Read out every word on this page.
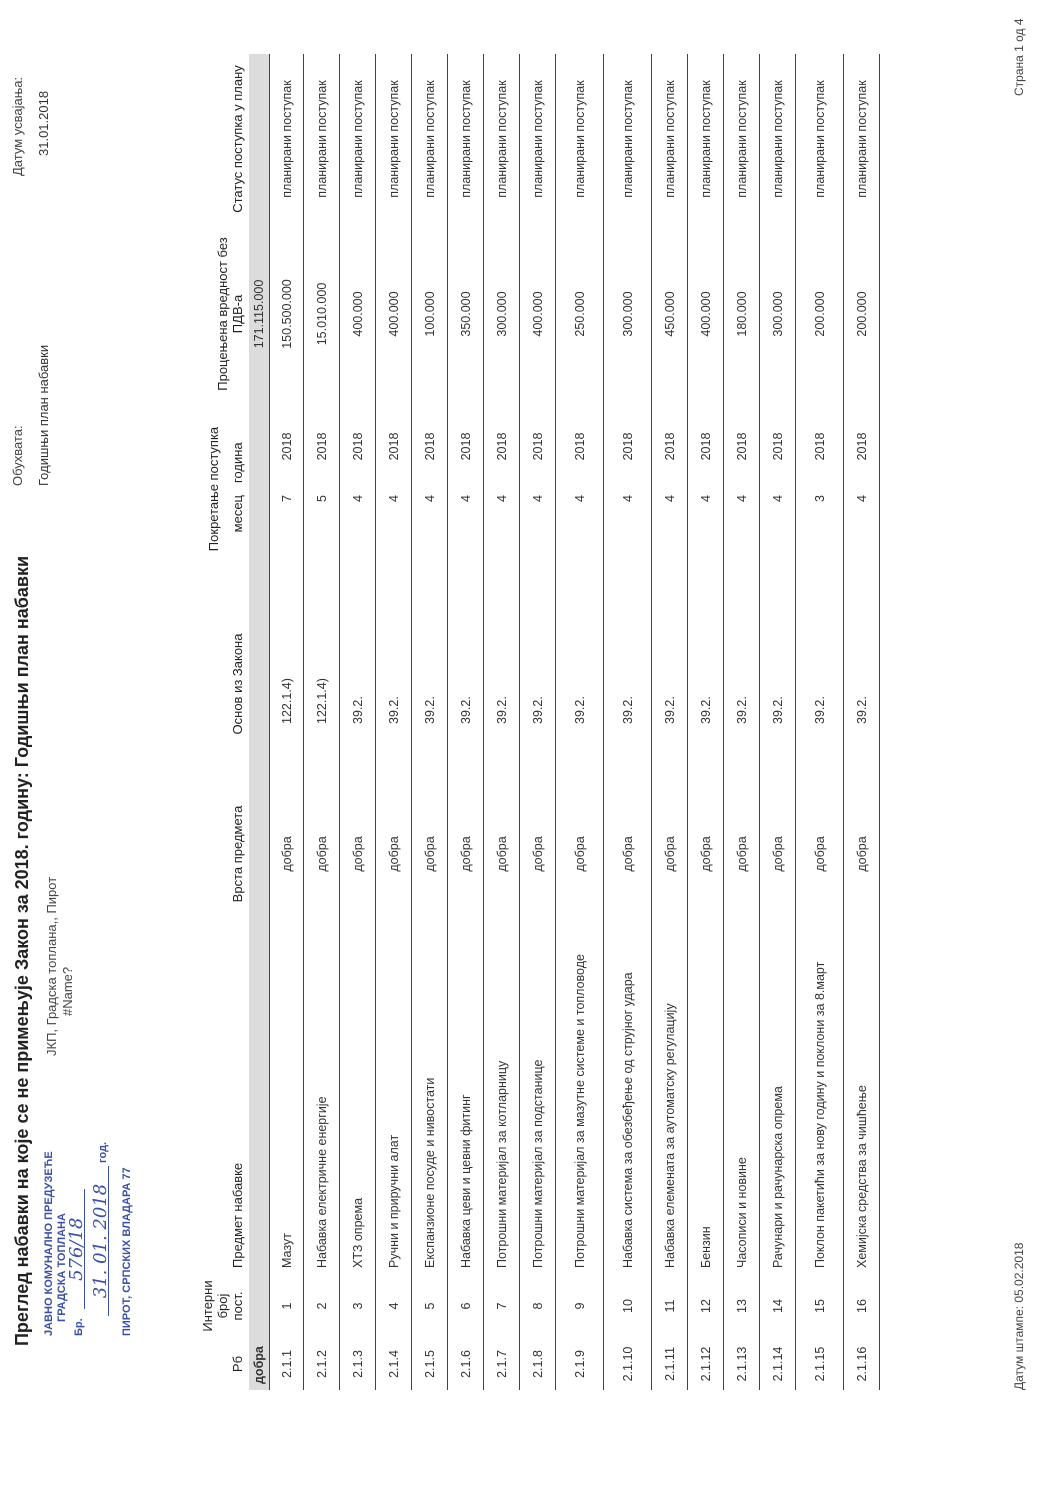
Преглед набавки на које се не примењује Закон за 2018. годину: Годишњи план набавки ЈКП, Градска топлана,, Пирот #Name?
Обухвата: Годишњи план набавки
Датум усвајања: 31.01.2018
ЈАВНО КОМУНАЛНО ПРЕДУЗЕЋЕ ГРАДСКА ТОПЛАНА
Бр. 576/18 31. 01. 2018 год.
ПИРОТ, СРПСКИХ ВЛАДАРА 77
Рб	Интерни број пост.	Предмет набавке	Врста предмета	Основ из Закона	Покретање поступка		Процењена вредност без ПДВ-а	Статус поступка у плану
					месец	година		
добра							171.115.000	
2.1.1	1	Мазут	добра	122.1.4)	7	2018	150.500.000	планирани поступак
2.1.2	2	Набавка електричне енергије	добра	122.1.4)	5	2018	15.010.000	планирани поступак
2.1.3	3	ХТЗ опрема	добра	39.2.	4	2018	400.000	планирани поступак
2.1.4	4	Ручни и приручни алат	добра	39.2.	4	2018	400.000	планирани поступак
2.1.5	5	Експанзионе посуде и нивостати	добра	39.2.	4	2018	100.000	планирани поступак
2.1.6	6	Набавка цеви и цевни фитинг	добра	39.2.	4	2018	350.000	планирани поступак
2.1.7	7	Потрошни материјал за котларницу	добра	39.2.	4	2018	300.000	планирани поступак
2.1.8	8	Потрошни материјал за подстанице	добра	39.2.	4	2018	400.000	планирани поступак
2.1.9	9	Потрошни материјал за мазутне системе и топловоде	добра	39.2.	4	2018	250.000	планирани поступак
2.1.10	10	Набавка система за обезбеђење од струјног удара	добра	39.2.	4	2018	300.000	планирани поступак
2.1.11	11	Набавка елемената за аутоматску регулацију	добра	39.2.	4	2018	450.000	планирани поступак
2.1.12	12	Бензин	добра	39.2.	4	2018	400.000	планирани поступак
2.1.13	13	Часописи и новине	добра	39.2.	4	2018	180.000	планирани поступак
2.1.14	14	Рачунари и рачунарска опрема	добра	39.2.	4	2018	300.000	планирани поступак
2.1.15	15	Поклон пакетићи за нову годину и поклони за 8.март	добра	39.2.	3	2018	200.000	планирани поступак
2.1.16	16	Хемијска средства за чишћење	добра	39.2.	4	2018	200.000	планирани поступак
Датум штампе: 05.02.2018
Страна 1 од 4
